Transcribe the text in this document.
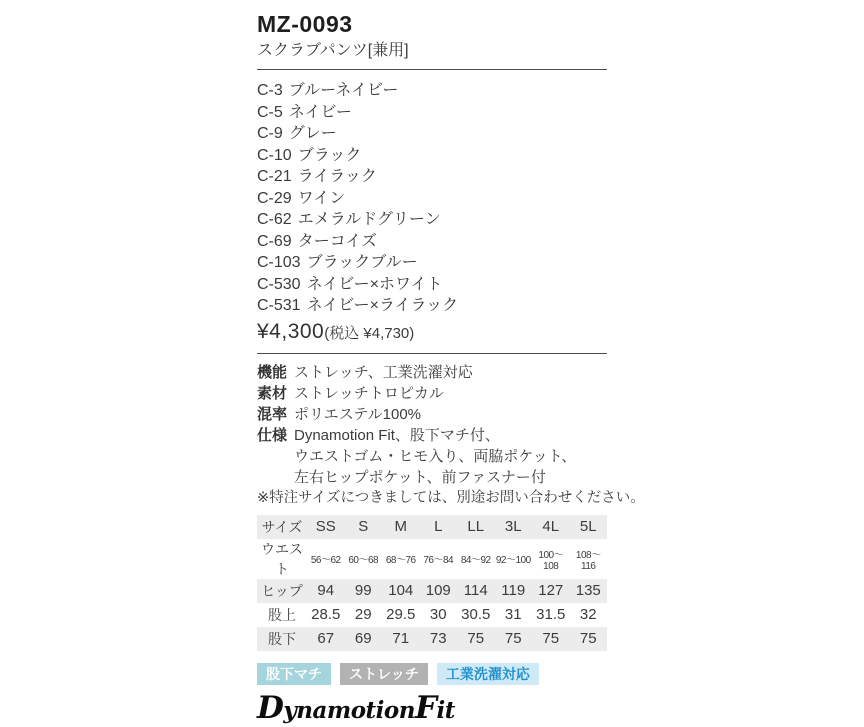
MZ-0093
スクラブパンツ[兼用]
C-3 ブルーネイビー
C-5 ネイビー
C-9 グレー
C-10 ブラック
C-21 ライラック
C-29 ワイン
C-62 エメラルドグリーン
C-69 ターコイズ
C-103 ブラックブルー
C-530 ネイビー×ホワイト
C-531 ネイビー×ライラック
¥4,300(税込 ¥4,730)
機能 ストレッチ、工業洗濯対応
素材 ストレッチトロピカル
混率 ポリエステル100%
仕様 Dynamotion Fit、股下マチ付、
ウエストゴム・ヒモ入り、両脇ポケット、
左右ヒップポケット、前ファスナー付
※特注サイズにつきましては、別途お問い合わせください。
サイズ	SS	S	M	L	LL	3L	4L	5L
ウエスト	56〜62	60〜68	68〜76	76〜84	84〜92	92〜100	100〜108	108〜116
ヒップ	94	99	104	109	114	119	127	135
股上	28.5	29	29.5	30	30.5	31	31.5	32
股下	67	69	71	73	75	75	75	75
股下マチ	ストレッチ	工業洗濯対応
DynamotionFit
